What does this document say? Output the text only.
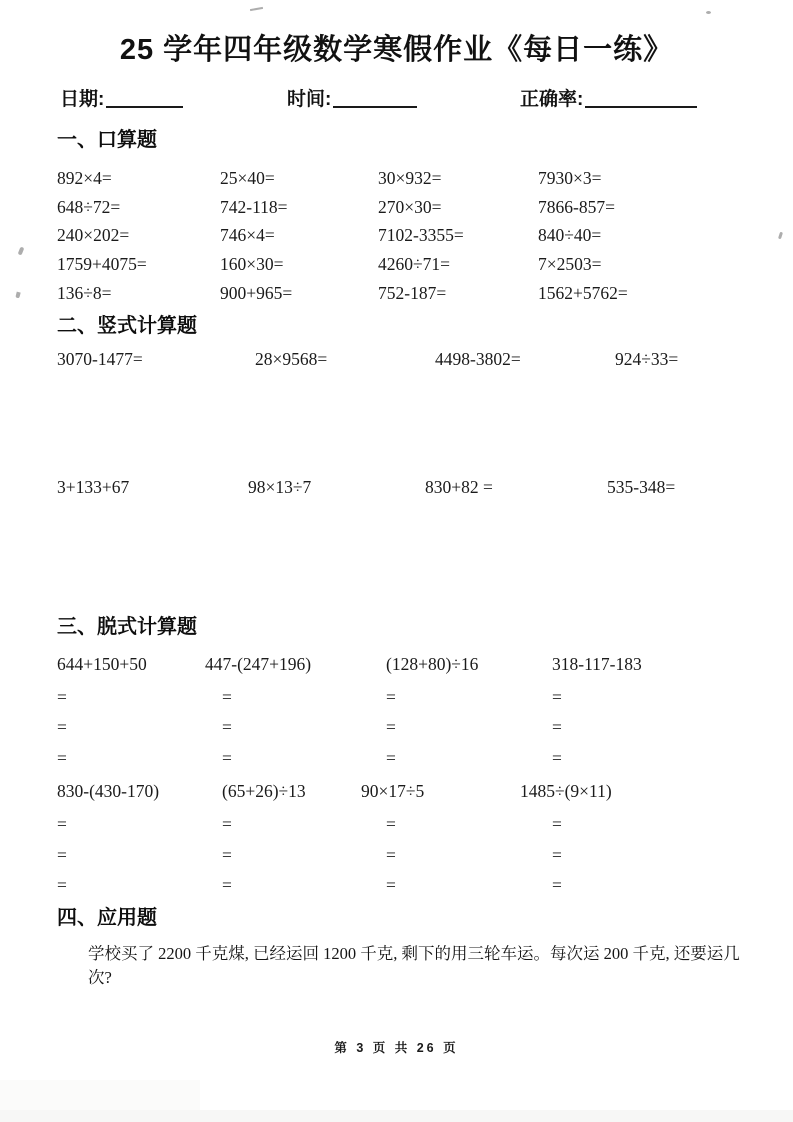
25 学年四年级数学寒假作业《每日一练》
日期:	时间:	正确率:
一、口算题
892×4=	25×40=	30×932=	7930×3=
648÷72=	742-118=	270×30=	7866-857=
240×202=	746×4=	7102-3355=	840÷40=
1759+4075=	160×30=	4260÷71=	7×2503=
136÷8=	900+965=	752-187=	1562+5762=
二、竖式计算题
3070-1477=	28×9568=	4498-3802=	924÷33=
3+133+67	98×13÷7	830+82 =	535-348=
三、脱式计算题
644+150+50	447-(247+196)	(128+80)÷16	318-117-183
=	=	=	=
=	=	=	=
=	=	=	=
830-(430-170)	(65+26)÷13	90×17÷5	1485÷(9×11)
=	=	=	=
=	=	=	=
=	=	=	=
四、应用题
学校买了 2200 千克煤, 已经运回 1200 千克, 剩下的用三轮车运。每次运 200 千克, 还要运几次?
第 3 页 共 26 页
